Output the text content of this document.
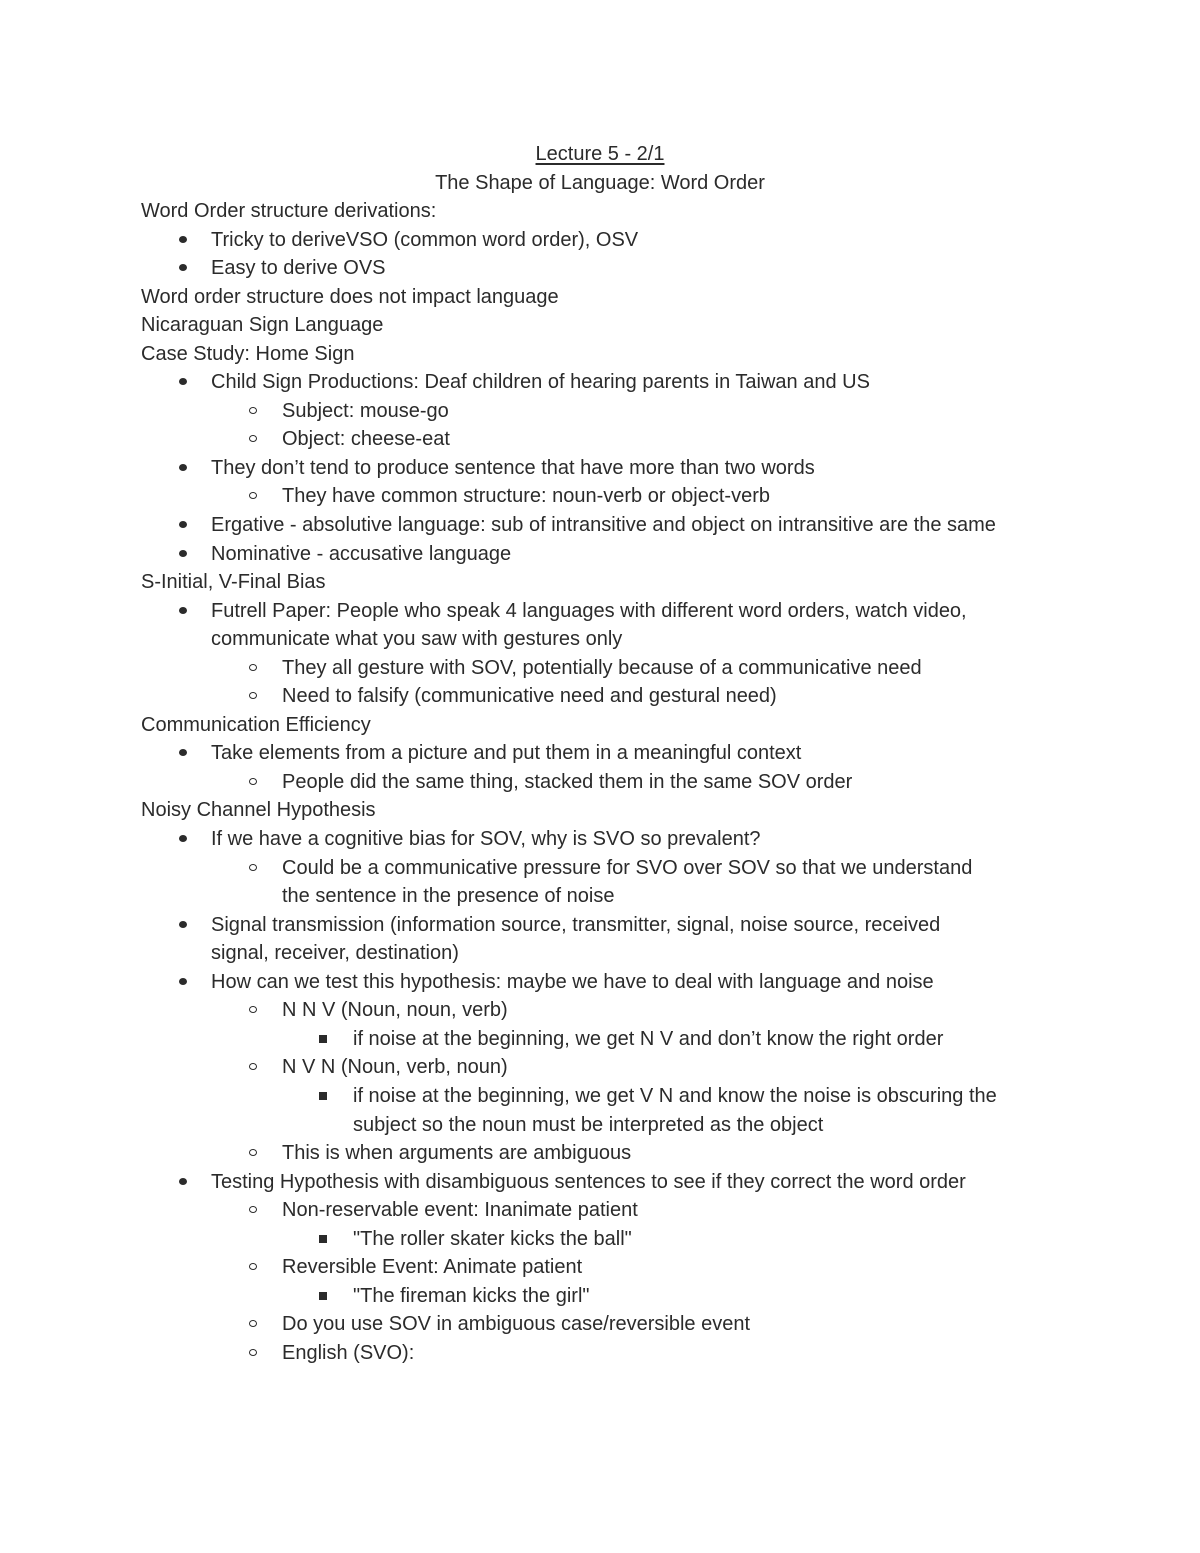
Lecture 5 - 2/1
The Shape of Language: Word Order
Word Order structure derivations:
Tricky to deriveVSO (common word order), OSV
Easy to derive OVS
Word order structure does not impact language
Nicaraguan Sign Language
Case Study: Home Sign
Child Sign Productions: Deaf children of hearing parents in Taiwan and US
Subject: mouse-go
Object: cheese-eat
They don’t tend to produce sentence that have more than two words
They have common structure: noun-verb or object-verb
Ergative - absolutive language: sub of intransitive and object on intransitive are the same
Nominative - accusative language
S-Initial, V-Final Bias
Futrell Paper: People who speak 4 languages with different word orders, watch video,
communicate what you saw with gestures only
They all gesture with SOV, potentially because of a communicative need
Need to falsify (communicative need and gestural need)
Communication Efficiency
Take elements from a picture and put them in a meaningful context
People did the same thing, stacked them in the same SOV order
Noisy Channel Hypothesis
If we have a cognitive bias for SOV, why is SVO so prevalent?
Could be a communicative pressure for SVO over SOV so that we understand
the sentence in the presence of noise
Signal transmission (information source, transmitter, signal, noise source, received
signal, receiver, destination)
How can we test this hypothesis: maybe we have to deal with language and noise
N N V (Noun, noun, verb)
if noise at the beginning, we get N V and don’t know the right order
N V N (Noun, verb, noun)
if noise at the beginning, we get V N and know the noise is obscuring the
subject so the noun must be interpreted as the object
This is when arguments are ambiguous
Testing Hypothesis with disambiguous sentences to see if they correct the word order
Non-reservable event: Inanimate patient
"The roller skater kicks the ball"
Reversible Event: Animate patient
"The fireman kicks the girl"
Do you use SOV in ambiguous case/reversible event
English (SVO):
